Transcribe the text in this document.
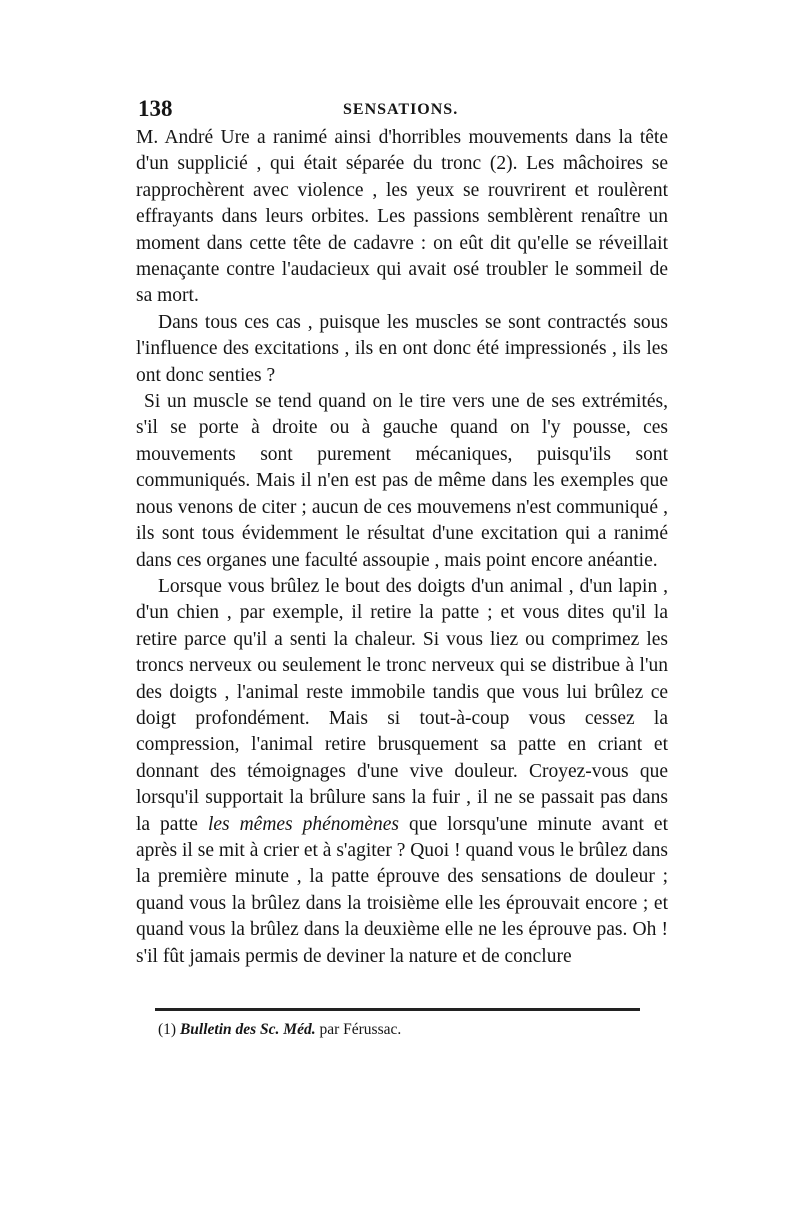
138	SENSATIONS.

M. André Ure a ranimé ainsi d'horribles mouvements dans la tête d'un supplicié , qui était séparée du tronc (2). Les mâchoires se rapprochèrent avec violence , les yeux se rouvrirent et roulèrent effrayants dans leurs orbites. Les passions semblèrent renaître un moment dans cette tête de cadavre : on eût dit qu'elle se réveillait menaçante contre l'audacieux qui avait osé troubler le sommeil de sa mort.

Dans tous ces cas , puisque les muscles se sont contractés sous l'influence des excitations , ils en ont donc été impressionés , ils les ont donc senties ?

Si un muscle se tend quand on le tire vers une de ses extrémités, s'il se porte à droite ou à gauche quand on l'y pousse, ces mouvements sont purement mécaniques, puisqu'ils sont communiqués. Mais il n'en est pas de même dans les exemples que nous venons de citer ; aucun de ces mouvemens n'est communiqué , ils sont tous évidemment le résultat d'une excitation qui a ranimé dans ces organes une faculté assoupie , mais point encore anéantie.

Lorsque vous brûlez le bout des doigts d'un animal , d'un lapin , d'un chien , par exemple, il retire la patte ; et vous dites qu'il la retire parce qu'il a senti la chaleur. Si vous liez ou comprimez les troncs nerveux ou seulement le tronc nerveux qui se distribue à l'un des doigts , l'animal reste immobile tandis que vous lui brûlez ce doigt profondément. Mais si tout-à-coup vous cessez la compression, l'animal retire brusquement sa patte en criant et donnant des témoignages d'une vive douleur. Croyez-vous que lorsqu'il supportait la brûlure sans la fuir , il ne se passait pas dans la patte les mêmes phénomènes que lorsqu'une minute avant et après il se mit à crier et à s'agiter ? Quoi ! quand vous le brûlez dans la première minute , la patte éprouve des sensations de douleur ; quand vous la brûlez dans la troisième elle les éprouvait encore ; et quand vous la brûlez dans la deuxième elle ne les éprouve pas. Oh ! s'il fût jamais permis de deviner la nature et de conclure

(1) Bulletin des Sc. Méd. par Férussac.
